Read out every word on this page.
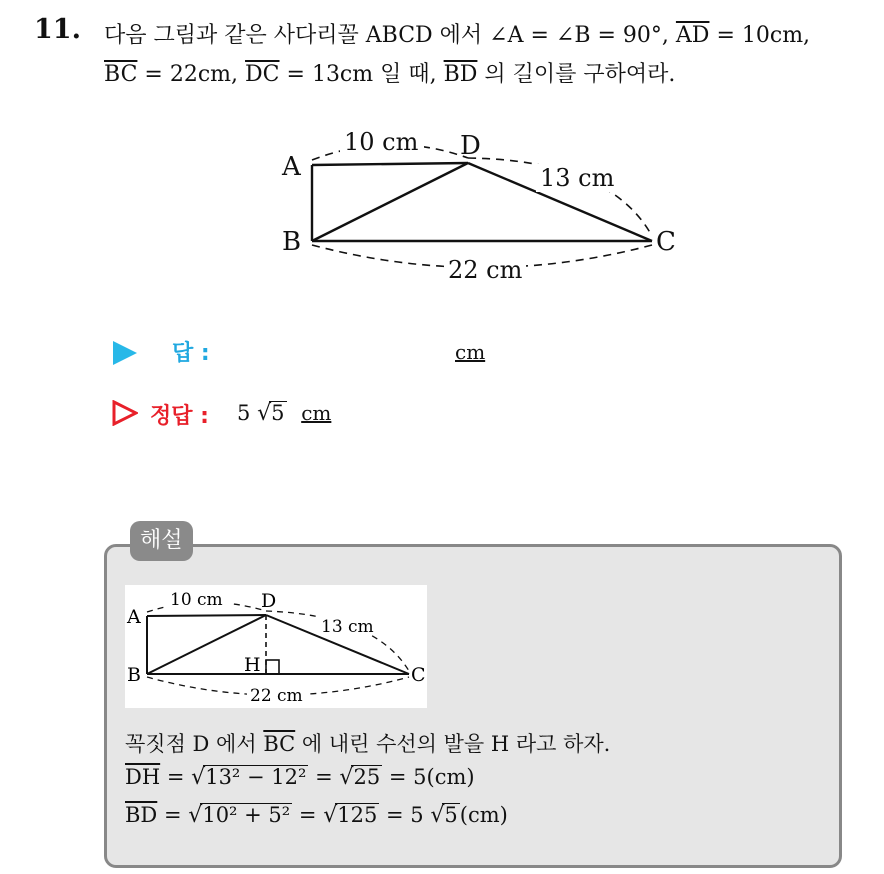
11. 다음 그림과 같은 사다리꼴 ABCD 에서 ∠A = ∠B = 90°, $\overline{AD} = 10cm$,
$\overline{BC} = 22cm$, $\overline{DC} = 13cm$ 일 때, $\overline{BD}$ 의 길이를 구하여라.
A
B	C
D
10 cm
13 cm
22 cm
답 :	cm
정답 : 5 √5 cm
해설
A
B	C
D
H
10 cm
13 cm
22 cm
꼭짓점 D 에서 $\overline{BC}$ 에 내린 수선의 발을 H 라고 하자.
$\overline{DH} = √13^2 - 12^2 = √25 = 5(cm)$
$\overline{BD} = √10^2 + 5^2 = √125 = 5$ √5(cm)
